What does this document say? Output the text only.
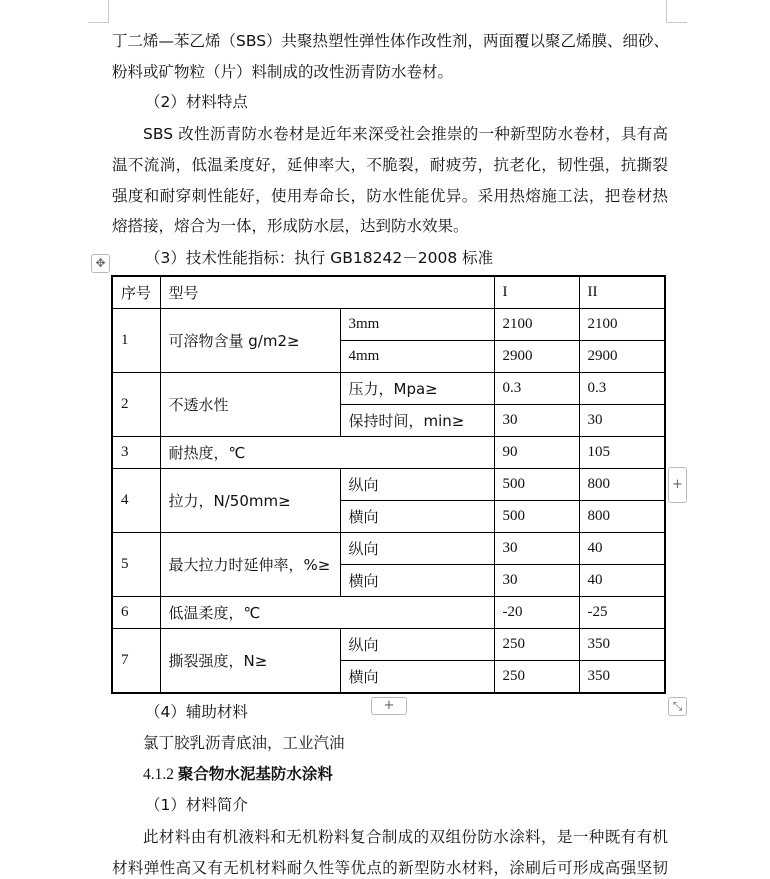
丁二烯—苯乙烯（SBS）共聚热塑性弹性体作改性剂，两面覆以聚乙烯膜、细砂、
粉料或矿物粒（片）料制成的改性沥青防水卷材。
（2）材料特点
SBS 改性沥青防水卷材是近年来深受社会推崇的一种新型防水卷材，具有高
温不流淌，低温柔度好，延伸率大，不脆裂，耐疲劳，抗老化，韧性强，抗撕裂
强度和耐穿刺性能好，使用寿命长，防水性能优异。采用热熔施工法，把卷材热
熔搭接，熔合为一体，形成防水层，达到防水效果。
（3）技术性能指标：执行 GB18242－2008 标准
✥
序号	型号		I	II
1	可溶物含量 g/m2≥	3mm	2100	2100
		4mm	2900	2900
2	不透水性	压力，Mpa≥	0.3	0.3
		保持时间，min≥	30	30
3	耐热度，℃		90	105
4	拉力，N/50mm≥	纵向	500	800
		横向	500	800
5	最大拉力时延伸率，%≥	纵向	30	40
		横向	30	40
6	低温柔度，℃		-20	-25
7	撕裂强度，N≥	纵向	250	350
		横向	250	350
+
+	⤡
（4）辅助材料
氯丁胶乳沥青底油，工业汽油
4.1.2 聚合物水泥基防水涂料
（1）材料简介
此材料由有机液料和无机粉料复合制成的双组份防水涂料，是一种既有有机
材料弹性高又有无机材料耐久性等优点的新型防水材料，涂刷后可形成高强坚韧
